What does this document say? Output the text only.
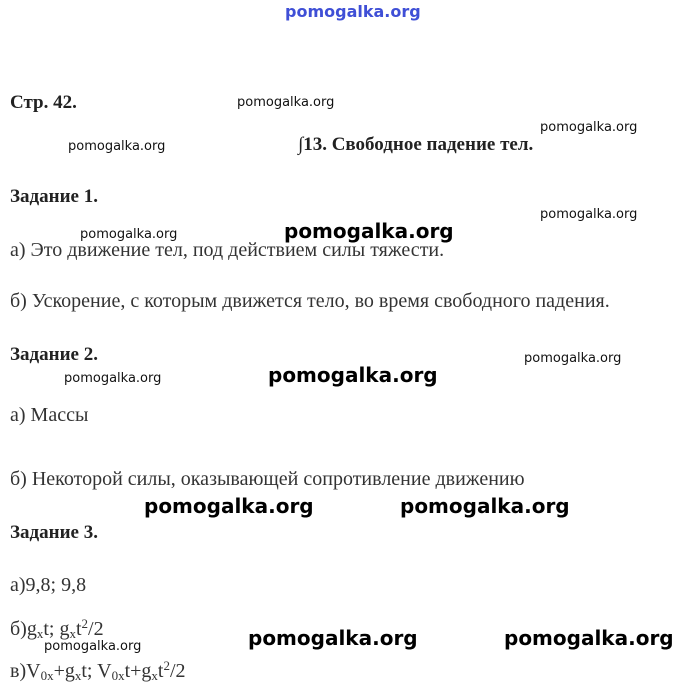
pomogalka.org
Стр. 42.
∫13. Свободное падение тел.
Задание 1.
а) Это движение тел, под действием силы тяжести.
б) Ускорение, с которым движется тело, во время свободного падения.
Задание 2.
а) Массы
б) Некоторой силы, оказывающей сопротивление движению
Задание 3.
а)9,8; 9,8
$б)g_xt$; $g_xt^2/2$
$в)V_{0x}+g_xt$; $V_{0x}t+g_xt^2/2$
pomogalka.org
pomogalka.org
pomogalka.org
pomogalka.org
pomogalka.org
pomogalka.org
pomogalka.org
pomogalka.org
pomogalka.org
pomogalka.org
pomogalka.org	pomogalka.org
pomogalka.org	pomogalka.org
